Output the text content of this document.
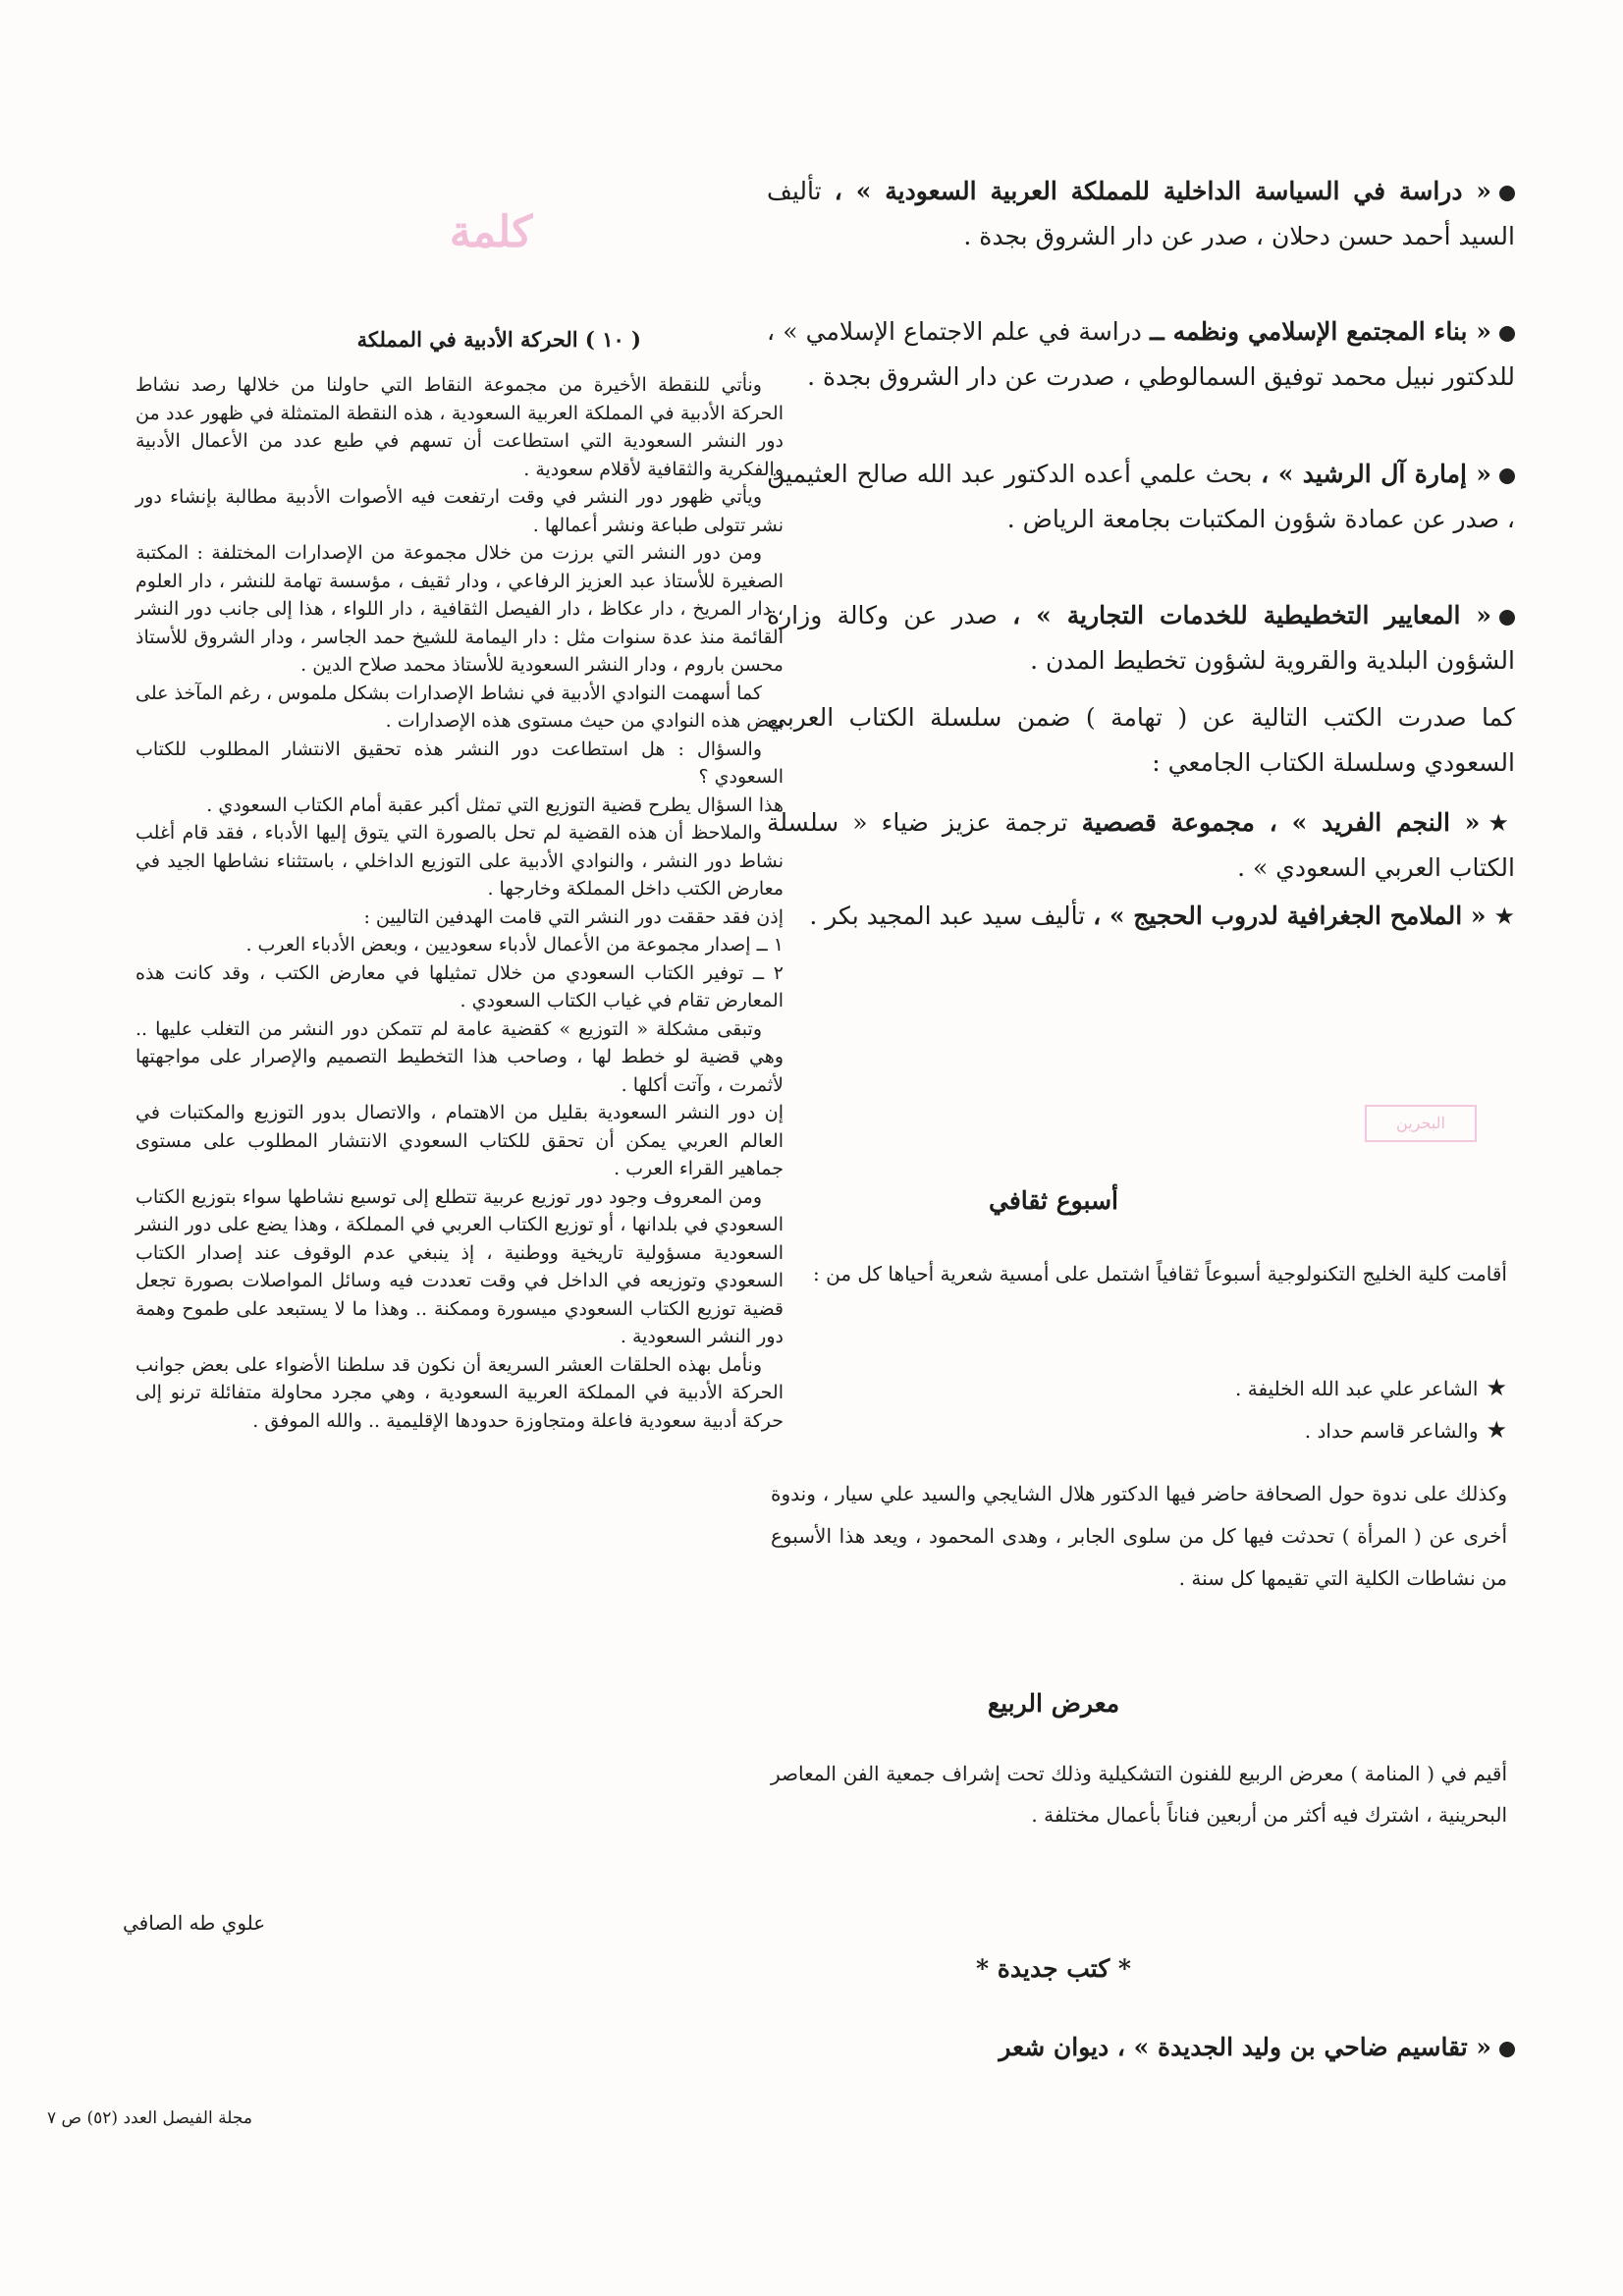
« دراسة في السياسة الداخلية للمملكة العربية السعودية » ، تأليف السيد أحمد حسن دحلان ، صدر عن دار الشروق بجدة .
« بناء المجتمع الإسلامي ونظمه ــ دراسة في علم الاجتماع الإسلامي » ، للدكتور نبيل محمد توفيق السمالوطي ، صدرت عن دار الشروق بجدة .
« إمارة آل الرشيد » ، بحث علمي أعده الدكتور عبد الله صالح العثيمين ، صدر عن عمادة شؤون المكتبات بجامعة الرياض .
« المعايير التخطيطية للخدمات التجارية » ، صدر عن وكالة وزارة الشؤون البلدية والقروية لشؤون تخطيط المدن .
كما صدرت الكتب التالية عن ( تهامة ) ضمن سلسلة الكتاب العربي السعودي وسلسلة الكتاب الجامعي :
★« النجم الفريد » ، مجموعة قصصية ترجمة عزيز ضياء « سلسلة الكتاب العربي السعودي » .
★« الملامح الجغرافية لدروب الحجيج » ، تأليف سيد عبد المجيد بكر .
البحرين
أسبوع ثقافي
أقامت كلية الخليج التكنولوجية أسبوعاً ثقافياً اشتمل على أمسية شعرية أحياها كل من :
★الشاعر علي عبد الله الخليفة .
★والشاعر قاسم حداد .
وكذلك على ندوة حول الصحافة حاضر فيها الدكتور هلال الشايجي والسيد علي سيار ، وندوة أخرى عن ( المرأة ) تحدثت فيها كل من سلوى الجابر ، وهدى المحمود ، ويعد هذا الأسبوع من نشاطات الكلية التي تقيمها كل سنة .
معرض الربيع
أقيم في ( المنامة ) معرض الربيع للفنون التشكيلية وذلك تحت إشراف جمعية الفن المعاصر البحرينية ، اشترك فيه أكثر من أربعين فناناً بأعمال مختلفة .
* كتب جديدة *
« تقاسيم ضاحي بن وليد الجديدة » ، ديوان شعر
كلمة
( ١٠ ) الحركة الأدبية في المملكة
ونأتي للنقطة الأخيرة من مجموعة النقاط التي حاولنا من خلالها رصد نشاط الحركة الأدبية في المملكة العربية السعودية ، هذه النقطة المتمثلة في ظهور عدد من دور النشر السعودية التي استطاعت أن تسهم في طبع عدد من الأعمال الأدبية والفكرية والثقافية لأقلام سعودية .
ويأتي ظهور دور النشر في وقت ارتفعت فيه الأصوات الأدبية مطالبة بإنشاء دور نشر تتولى طباعة ونشر أعمالها .
ومن دور النشر التي برزت من خلال مجموعة من الإصدارات المختلفة : المكتبة الصغيرة للأستاذ عبد العزيز الرفاعي ، ودار ثقيف ، مؤسسة تهامة للنشر ، دار العلوم ، دار المريخ ، دار عكاظ ، دار الفيصل الثقافية ، دار اللواء ، هذا إلى جانب دور النشر القائمة منذ عدة سنوات مثل : دار اليمامة للشيخ حمد الجاسر ، ودار الشروق للأستاذ محسن باروم ، ودار النشر السعودية للأستاذ محمد صلاح الدين .
كما أسهمت النوادي الأدبية في نشاط الإصدارات بشكل ملموس ، رغم المآخذ على بعض هذه النوادي من حيث مستوى هذه الإصدارات .
والسؤال : هل استطاعت دور النشر هذه تحقيق الانتشار المطلوب للكتاب السعودي ؟
هذا السؤال يطرح قضية التوزيع التي تمثل أكبر عقبة أمام الكتاب السعودي .
والملاحظ أن هذه القضية لم تحل بالصورة التي يتوق إليها الأدباء ، فقد قام أغلب نشاط دور النشر ، والنوادي الأدبية على التوزيع الداخلي ، باستثناء نشاطها الجيد في معارض الكتب داخل المملكة وخارجها .
إذن فقد حققت دور النشر التي قامت الهدفين التاليين :
١ ــ إصدار مجموعة من الأعمال لأدباء سعوديين ، وبعض الأدباء العرب .
٢ ــ توفير الكتاب السعودي من خلال تمثيلها في معارض الكتب ، وقد كانت هذه المعارض تقام في غياب الكتاب السعودي .
وتبقى مشكلة « التوزيع » كقضية عامة لم تتمكن دور النشر من التغلب عليها .. وهي قضية لو خطط لها ، وصاحب هذا التخطيط التصميم والإصرار على مواجهتها لأثمرت ، وآتت أكلها .
إن دور النشر السعودية بقليل من الاهتمام ، والاتصال بدور التوزيع والمكتبات في العالم العربي يمكن أن تحقق للكتاب السعودي الانتشار المطلوب على مستوى جماهير القراء العرب .
ومن المعروف وجود دور توزيع عربية تتطلع إلى توسيع نشاطها سواء بتوزيع الكتاب السعودي في بلدانها ، أو توزيع الكتاب العربي في المملكة ، وهذا يضع على دور النشر السعودية مسؤولية تاريخية ووطنية ، إذ ينبغي عدم الوقوف عند إصدار الكتاب السعودي وتوزيعه في الداخل في وقت تعددت فيه وسائل المواصلات بصورة تجعل قضية توزيع الكتاب السعودي ميسورة وممكنة .. وهذا ما لا يستبعد على طموح وهمة دور النشر السعودية .
ونأمل بهذه الحلقات العشر السريعة أن نكون قد سلطنا الأضواء على بعض جوانب الحركة الأدبية في المملكة العربية السعودية ، وهي مجرد محاولة متفائلة ترنو إلى حركة أدبية سعودية فاعلة ومتجاوزة حدودها الإقليمية .. والله الموفق .
علوي طه الصافي
مجلة الفيصل العدد (٥٢) ص ٧
